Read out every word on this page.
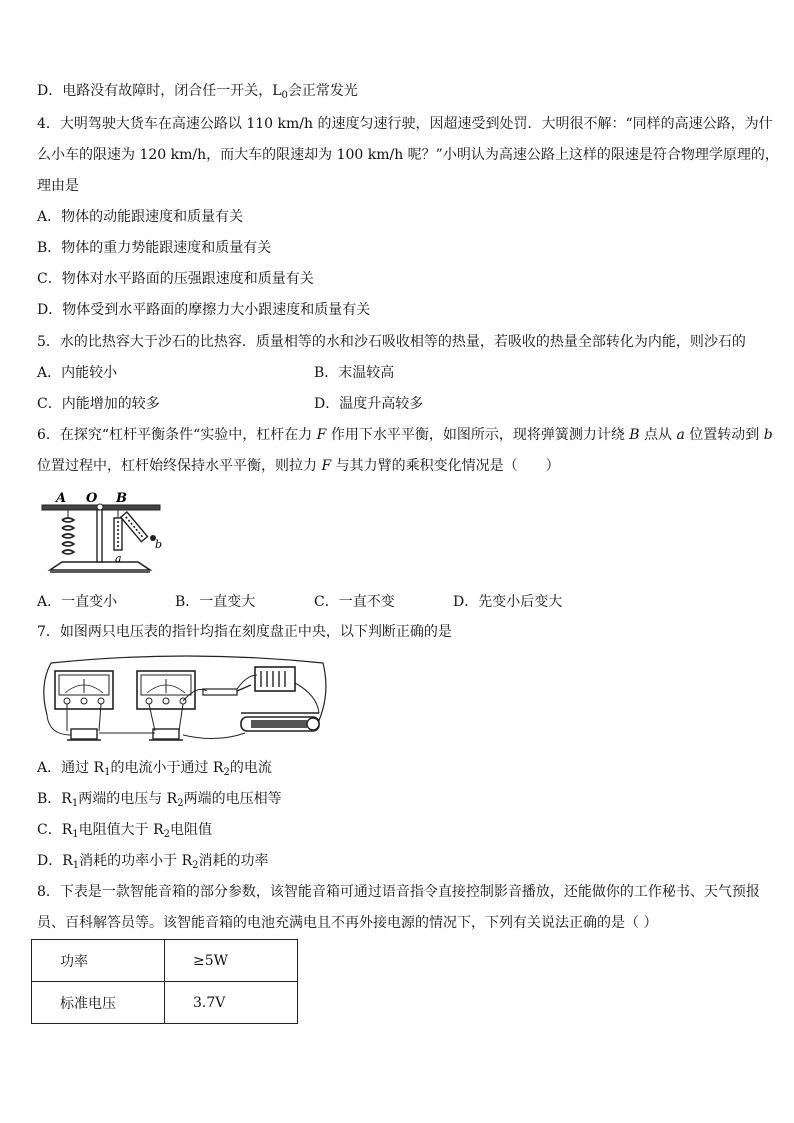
D．电路没有故障时，闭合任一开关，$L_0$会正常发光
4．大明驾驶大货车在高速公路以 110 km/h 的速度匀速行驶，因超速受到处罚．大明很不解：“同样的高速公路，为什
么小车的限速为 120 km/h，而大车的限速却为 100 km/h 呢？”小明认为高速公路上这样的限速是符合物理学原理的，
理由是
A．物体的动能跟速度和质量有关
B．物体的重力势能跟速度和质量有关
C．物体对水平路面的压强跟速度和质量有关
D．物体受到水平路面的摩擦力大小跟速度和质量有关
5．水的比热容大于沙石的比热容．质量相等的水和沙石吸收相等的热量，若吸收的热量全部转化为内能，则沙石的
A．内能较小	B．末温较高
C．内能增加的较多	D．温度升高较多
6．在探究“杠杆平衡条件“实验中，杠杆在力 F 作用下水平平衡，如图所示，现将弹簧测力计绕 B 点从 a 位置转动到 b
位置过程中，杠杆始终保持水平平衡，则拉力 F 与其力臂的乘积变化情况是（　　）
A O B
a
b
A．一直变小	B．一直变大	C．一直不变	D．先变小后变大
7．如图两只电压表的指针均指在刻度盘正中央，以下判断正确的是
A．通过 $R_1$的电流小于通过 $R_2$的电流
B．$R_1$两端的电压与 $R_2$两端的电压相等
C．$R_1$电阻值大于 $R_2$电阻值
D．$R_1$消耗的功率小于 $R_2$消耗的功率
8．下表是一款智能音箱的部分参数，该智能音箱可通过语音指令直接控制影音播放，还能做你的工作秘书、天气预报
员、百科解答员等。该智能音箱的电池充满电且不再外接电源的情况下，下列有关说法正确的是（ ）
功率	≥5W
标准电压	3.7V
